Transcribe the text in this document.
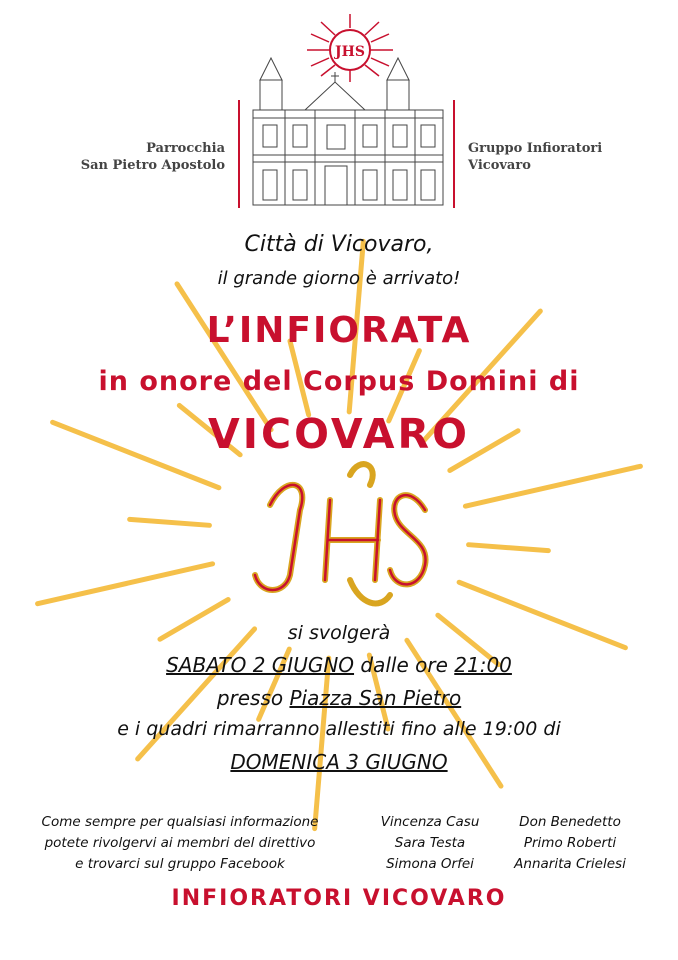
Parrocchia
San Pietro Apostolo
Gruppo Infioratori
Vicovaro
JHS
Città di Vicovaro,
il grande giorno è arrivato!
L’INFIORATA
in onore del Corpus Domini di
VICOVARO
si svolgerà
SABATO 2 GIUGNO dalle ore 21:00
presso Piazza San Pietro
e i quadri rimarranno allestiti fino alle 19:00 di
DOMENICA 3 GIUGNO
Come sempre per qualsiasi informazione
potete rivolgervi ai membri del direttivo
e trovarci sul gruppo Facebook
Vincenza Casu
Sara Testa
Simona Orfei
Don Benedetto
Primo Roberti
Annarita Crielesi
INFIORATORI VICOVARO
